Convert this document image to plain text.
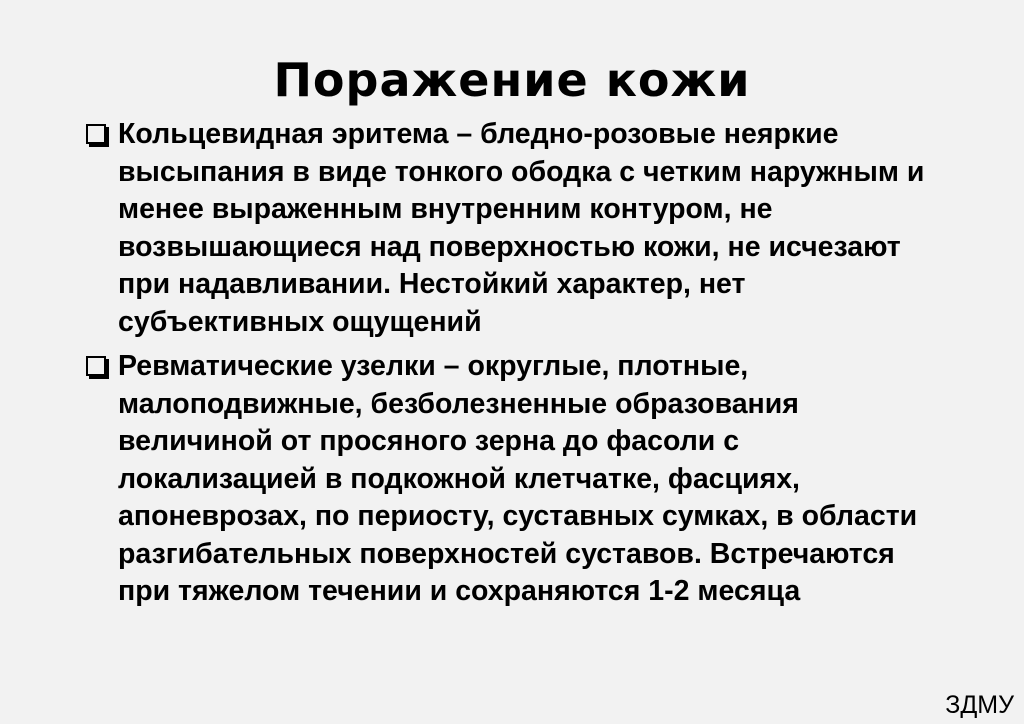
Поражение кожи
Кольцевидная эритема – бледно-розовые неяркие высыпания в виде тонкого ободка с четким наружным и менее выраженным внутренним контуром, не возвышающиеся над поверхностью кожи, не исчезают при надавливании. Нестойкий характер, нет субъективных ощущений
Ревматические узелки – округлые, плотные, малоподвижные, безболезненные образования величиной от просяного зерна до фасоли с локализацией в подкожной клетчатке, фасциях, апоневрозах, по периосту, суставных сумках, в области разгибательных поверхностей суставов. Встречаются при тяжелом течении и сохраняются 1-2 месяца
ЗДМУ
